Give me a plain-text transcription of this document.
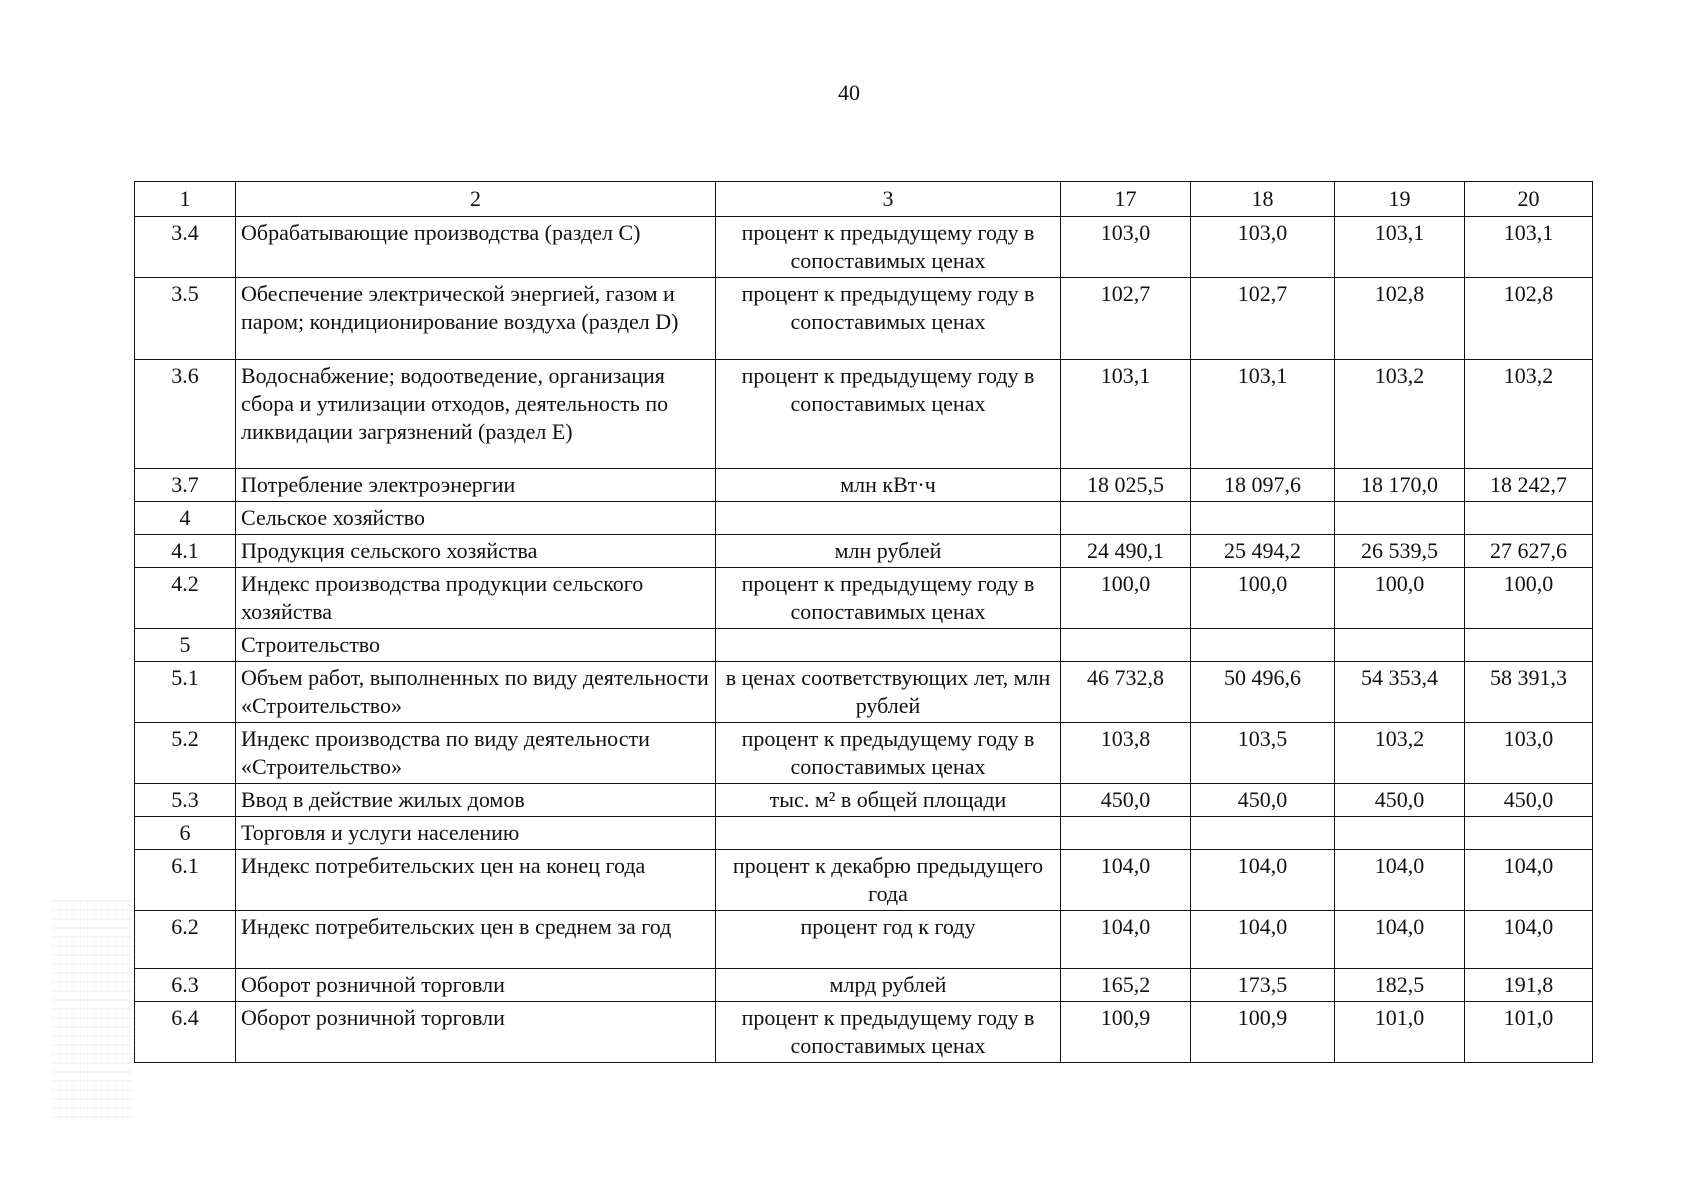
40
1	2	3	17	18	19	20
3.4	Обрабатывающие производства (раздел С)	процент к предыдущему году в сопоставимых ценах	103,0	103,0	103,1	103,1
3.5	Обеспечение электрической энергией, газом и паром; кондиционирование воздуха (раздел D)	процент к предыдущему году в сопоставимых ценах	102,7	102,7	102,8	102,8
3.6	Водоснабжение; водоотведение, организация сбора и утилизации отходов, деятельность по ликвидации загрязнений (раздел Е)	процент к предыдущему году в сопоставимых ценах	103,1	103,1	103,2	103,2
3.7	Потребление электроэнергии	млн кВт·ч	18 025,5	18 097,6	18 170,0	18 242,7
4	Сельское хозяйство					
4.1	Продукция сельского хозяйства	млн рублей	24 490,1	25 494,2	26 539,5	27 627,6
4.2	Индекс производства продукции сельского хозяйства	процент к предыдущему году в сопоставимых ценах	100,0	100,0	100,0	100,0
5	Строительство					
5.1	Объем работ, выполненных по виду деятельности «Строительство»	в ценах соответствующих лет, млн рублей	46 732,8	50 496,6	54 353,4	58 391,3
5.2	Индекс производства по виду деятельности «Строительство»	процент к предыдущему году в сопоставимых ценах	103,8	103,5	103,2	103,0
5.3	Ввод в действие жилых домов	тыс. м² в общей площади	450,0	450,0	450,0	450,0
6	Торговля и услуги населению					
6.1	Индекс потребительских цен на конец года	процент к декабрю предыдущего года	104,0	104,0	104,0	104,0
6.2	Индекс потребительских цен в среднем за год	процент год к году	104,0	104,0	104,0	104,0
6.3	Оборот розничной торговли	млрд рублей	165,2	173,5	182,5	191,8
6.4	Оборот розничной торговли	процент к предыдущему году в сопоставимых ценах	100,9	100,9	101,0	101,0
